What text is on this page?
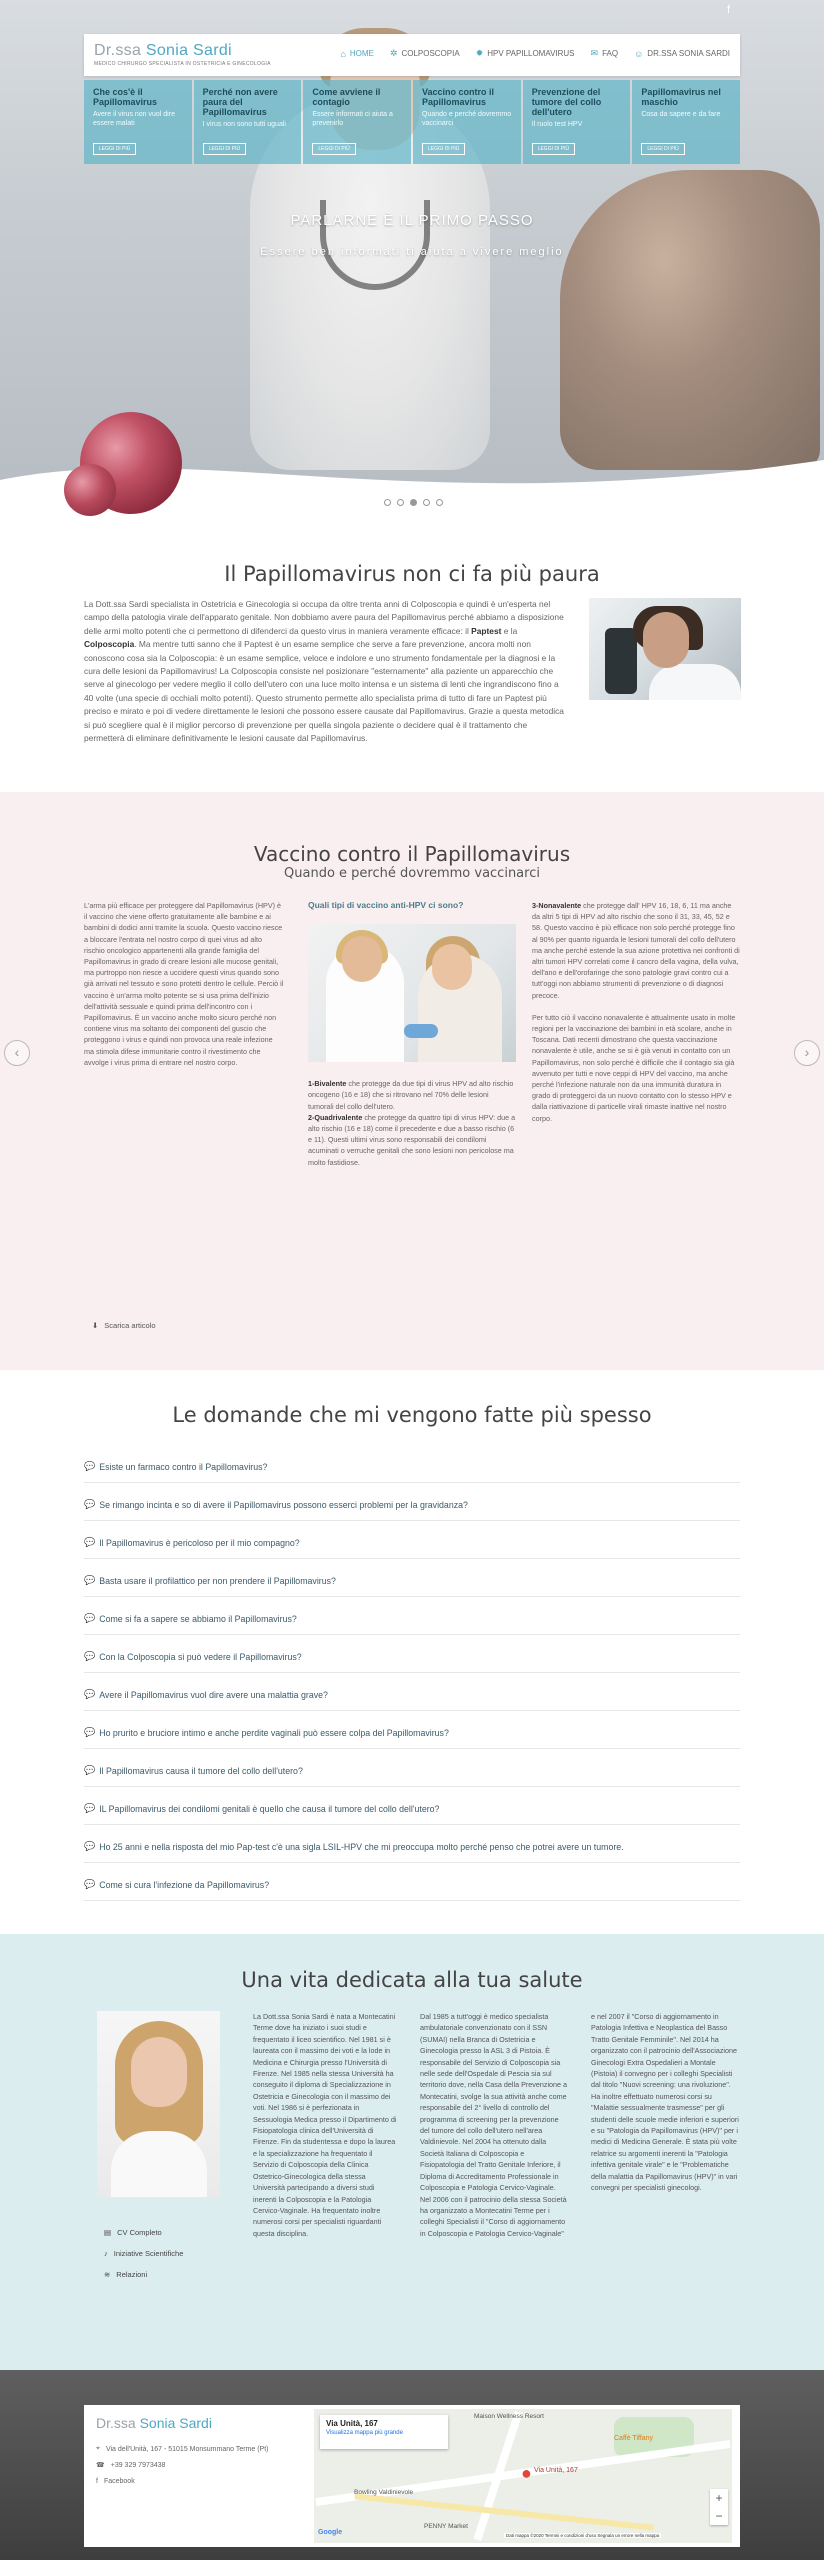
PARLARNE È IL PRIMO PASSO
Essere ben informati ti aiuta a vivere meglio
f
Dr.ssa Sonia Sardi
MEDICO CHIRURGO SPECIALISTA IN OSTETRICIA E GINECOLOGIA
⌂ HOME ✲ COLPOSCOPIA ✹ HPV PAPILLOMAVIRUS ✉ FAQ ☺ DR.SSA SONIA SARDI
Che cos'è il Papillomavirus

Avere il virus non vuol dire essere malati

LEGGI DI PIÙ
Perché non avere paura del Papillomavirus

I virus non sono tutti uguali

LEGGI DI PIÙ
Come avviene il contagio

Essere informati ci aiuta a prevenirlo

LEGGI DI PIÙ
Vaccino contro il Papillomavirus

Quando e perché dovremmo vaccinarci

LEGGI DI PIÙ
Prevenzione del tumore del collo dell'utero

Il ruolo test HPV

LEGGI DI PIÙ
Papillomavirus nel maschio

Cosa da sapere e da fare

LEGGI DI PIÙ
Il Papillomavirus non ci fa più paura
La Dott.ssa Sardi specialista in Ostetricia e Ginecologia si occupa da oltre trenta anni di Colposcopia e quindi è un'esperta nel campo della patologia virale dell'apparato genitale. Non dobbiamo avere paura del Papillomavirus perché abbiamo a disposizione delle armi molto potenti che ci permettono di difenderci da questo virus in maniera veramente efficace: il Paptest e la Colposcopia. Ma mentre tutti sanno che il Paptest è un esame semplice che serve a fare prevenzione, ancora molti non conoscono cosa sia la Colposcopia: è un esame semplice, veloce e indolore e uno strumento fondamentale per la diagnosi e la cura delle lesioni da Papillomavirus! La Colposcopia consiste nel posizionare "esternamente" alla paziente un apparecchio che serve al ginecologo per vedere meglio il collo dell'utero con una luce molto intensa e un sistema di lenti che ingrandiscono fino a 40 volte (una specie di occhiali molto potenti). Questo strumento permette allo specialista prima di tutto di fare un Paptest più preciso e mirato e poi di vedere direttamente le lesioni che possono essere causate dal Papillomavirus. Grazie a questa metodica si può scegliere qual è il miglior percorso di prevenzione per quella singola paziente o decidere qual è il trattamento che permetterà di eliminare definitivamente le lesioni causate dal Papillomavirus.
Vaccino contro il Papillomavirus
Quando e perché dovremmo vaccinarci
L'arma più efficace per proteggere dal Papillomavirus (HPV) è il vaccino che viene offerto gratuitamente alle bambine e ai bambini di dodici anni tramite la scuola. Questo vaccino riesce a bloccare l'entrata nel nostro corpo di quei virus ad alto rischio oncologico appartenenti alla grande famiglia del Papillomavirus in grado di creare lesioni alle mucose genitali, ma purtroppo non riesce a uccidere questi virus quando sono già arrivati nel tessuto e sono protetti dentro le cellule. Perciò il vaccino è un'arma molto potente se si usa prima dell'inizio dell'attività sessuale e quindi prima dell'incontro con i Papillomavirus. È un vaccino anche molto sicuro perché non contiene virus ma soltanto dei componenti del guscio che proteggono i virus e quindi non provoca una reale infezione ma stimola difese immunitarie contro il rivestimento che avvolge i virus prima di entrare nel nostro corpo.
Quali tipi di vaccino anti-HPV ci sono?

1-Bivalente che protegge da due tipi di virus HPV ad alto rischio oncogeno (16 e 18) che si ritrovano nel 70% delle lesioni tumorali del collo dell'utero.

2-Quadrivalente che protegge da quattro tipi di virus HPV: due a alto rischio (16 e 18) come il precedente e due a basso rischio (6 e 11). Questi ultimi virus sono responsabili dei condilomi acuminati o verruche genitali che sono lesioni non pericolose ma molto fastidiose.

3-Nonavalente che protegge dall' HPV 16, 18, 6, 11 ma anche da altri 5 tipi di HPV ad alto rischio che sono il 31, 33, 45, 52 e 58. Questo vaccino è più efficace non solo perché protegge fino al 90% per quanto riguarda le lesioni tumorali del collo dell'utero ma anche perché estende la sua azione protettiva nei confronti di altri tumori HPV correlati come il cancro della vagina, della vulva, dell'ano e dell'orofaringe che sono patologie gravi contro cui a tutt'oggi non abbiamo strumenti di prevenzione o di diagnosi precoce.

Per tutto ciò il vaccino nonavalente è attualmente usato in molte regioni per la vaccinazione dei bambini in età scolare, anche in Toscana. Dati recenti dimostrano che questa vaccinazione nonavalente è utile, anche se si è già venuti in contatto con un Papillomavirus, non solo perché è difficile che il contagio sia già avvenuto per tutti e nove ceppi di HPV del vaccino, ma anche perché l'infezione naturale non da una immunità duratura in grado di proteggerci da un nuovo contatto con lo stesso HPV e dalla riattivazione di particelle virali rimaste inattive nel nostro corpo.

‹	›
⬇ Scarica articolo
Le domande che mi vengono fatte più spesso
💬 Esiste un farmaco contro il Papillomavirus?
💬 Se rimango incinta e so di avere il Papillomavirus possono esserci problemi per la gravidanza?
💬 Il Papillomavirus è pericoloso per il mio compagno?
💬 Basta usare il profilattico per non prendere il Papillomavirus?
💬 Come si fa a sapere se abbiamo il Papillomavirus?
💬 Con la Colposcopia si può vedere il Papillomavirus?
💬 Avere il Papillomavirus vuol dire avere una malattia grave?
💬 Ho prurito e bruciore intimo e anche perdite vaginali può essere colpa del Papillomavirus?
💬 Il Papillomavirus causa il tumore del collo dell'utero?
💬 IL Papillomavirus dei condilomi genitali è quello che causa il tumore del collo dell'utero?
💬 Ho 25 anni e nella risposta del mio Pap-test c'è una sigla LSIL-HPV che mi preoccupa molto perché penso che potrei avere un tumore.
💬 Come si cura l'infezione da Papillomavirus?
Una vita dedicata alla tua salute
La Dott.ssa Sonia Sardi è nata a Montecatini Terme dove ha iniziato i suoi studi e frequentato il liceo scientifico. Nel 1981 si è laureata con il massimo dei voti e la lode in Medicina e Chirurgia presso l'Università di Firenze. Nel 1985 nella stessa Università ha conseguito il diploma di Specializzazione in Ostetricia e Ginecologia con il massimo dei voti. Nel 1986 si è perfezionata in Sessuologia Medica presso il Dipartimento di Fisiopatologia clinica dell'Università di Firenze. Fin da studentessa e dopo la laurea e la specializzazione ha frequentato il Servizio di Colposcopia della Clinica Ostetrico-Ginecologica della stessa Università partecipando a diversi studi inerenti la Colposcopia e la Patologia Cervico-Vaginale. Ha frequentato inoltre numerosi corsi per specialisti riguardanti questa disciplina.
Dal 1985 a tutt'oggi è medico specialista ambulatoriale convenzionato con il SSN (SUMAI) nella Branca di Ostetricia e Ginecologia presso la ASL 3 di Pistoia. È responsabile del Servizio di Colposcopia sia nelle sede dell'Ospedale di Pescia sia sul territorio dove, nella Casa della Prevenzione a Montecatini, svolge la sua attività anche come responsabile del 2° livello di controllo del programma di screening per la prevenzione del tumore del collo dell'utero nell'area Valdinievole. Nel 2004 ha ottenuto dalla Società Italiana di Colposcopia e Fisiopatologia del Tratto Genitale Inferiore, il Diploma di Accreditamento Professionale in Colposcopia e Patologia Cervico-Vaginale. Nel 2006 con il patrocinio della stessa Società ha organizzato a Montecatini Terme per i colleghi Specialisti il "Corso di aggiornamento in Colposcopia e Patologia Cervico-Vaginale"
e nel 2007 il "Corso di aggiornamento in Patologia Infettiva e Neoplastica del Basso Tratto Genitale Femminile". Nel 2014 ha organizzato con il patrocinio dell'Associazione Ginecologi Extra Ospedalieri a Montale (Pistoia) il convegno per i colleghi Specialisti dal titolo "Nuovi screening: una rivoluzione". Ha inoltre effettuato numerosi corsi su "Malattie sessualmente trasmesse" per gli studenti delle scuole medie inferiori e superiori e su "Patologia da Papillomavirus (HPV)" per i medici di Medicina Generale. È stata più volte relatrice su argomenti inerenti la "Patologia infettiva genitale virale" e le "Problematiche della malattia da Papillomavirus (HPV)" in vari convegni per specialisti ginecologi.
▤ CV Completo
♪ Iniziative Scientifiche
≋ Relazioni
Dr.ssa Sonia Sardi
⌖ Via dell'Unità, 167 - 51015 Monsummano Terme (Pt)
☎ +39 329 7973438
f Facebook
Via Unità, 167
Visualizza mappa più grande
Maison Wellness Resort
Caffè Tiffany
Bowling Valdinievole
PENNY Market
● Via Unità, 167
+
−
Google	Dati mappa ©2020 Termini e condizioni d'uso Segnala un errore nella mappa
